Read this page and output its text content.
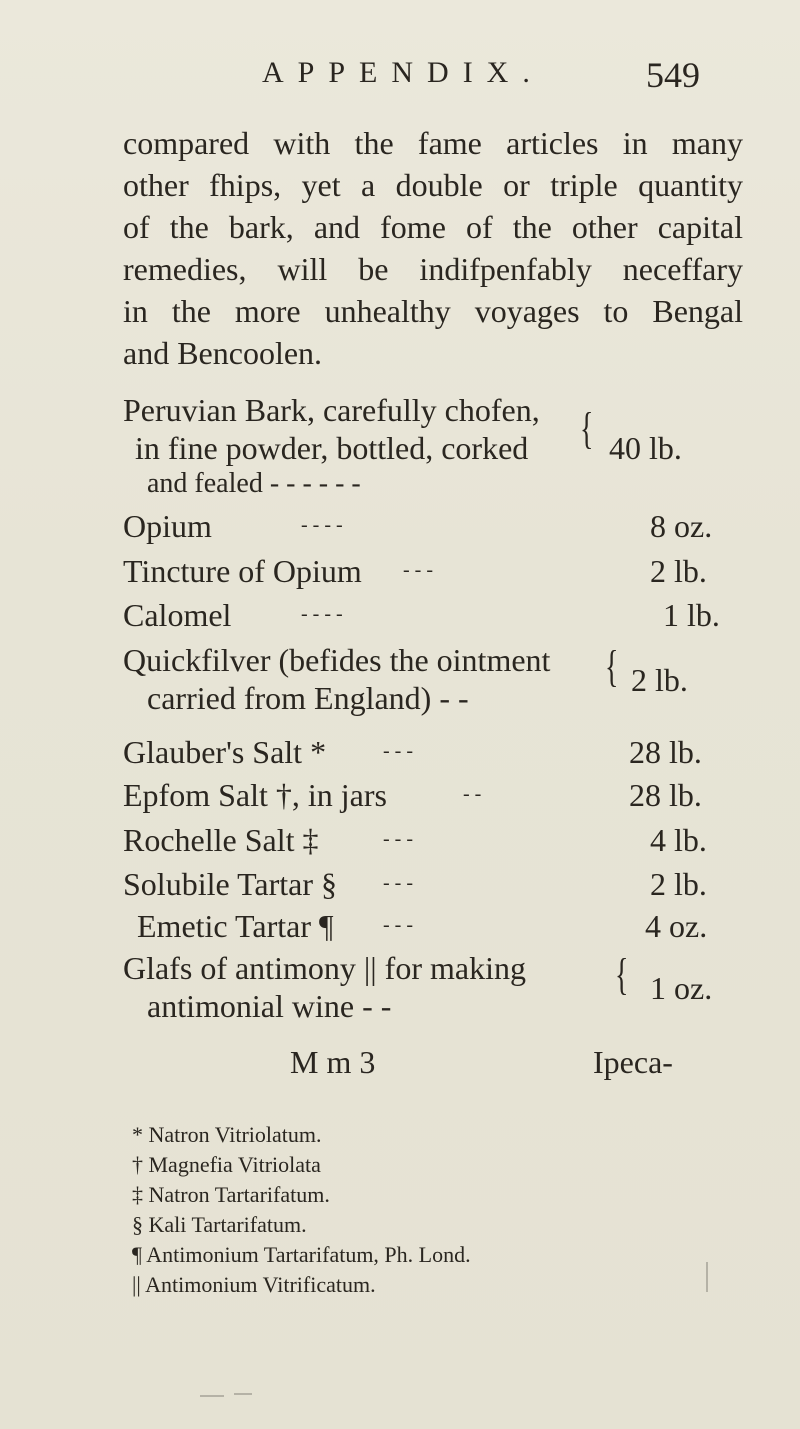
APPENDIX.	549
compared with the fame articles in many
other fhips, yet a double or triple quantity
of the bark, and fome of the other capital
remedies, will be indifpenfably neceffary
in the more unhealthy voyages to Bengal
and Bencoolen.
Peruvian Bark, carefully chofen,
in fine powder, bottled, corked
and fealed - - - - - -
{ 40 lb.
Opium	- - - -	8 oz.
Tincture of Opium - - -	2 lb.
Calomel	- - - -	1 lb.
Quickfilver (befides the ointment
carried from England) - -
{ 2 lb.
Glauber's Salt *	- - -	28 lb.
Epfom Salt †, in jars	- -	28 lb.
Rochelle Salt ‡	- - -	4 lb.
Solubile Tartar § - - -	2 lb.
Emetic Tartar ¶ - - -	4 oz.
Glafs of antimony || for making
antimonial wine - -
{ 1 oz.
M m 3	Ipeca-
* Natron Vitriolatum.
† Magnefia Vitriolata
‡ Natron Tartarifatum.
§ Kali Tartarifatum.
¶ Antimonium Tartarifatum, Ph. Lond.
|| Antimonium Vitrificatum.
